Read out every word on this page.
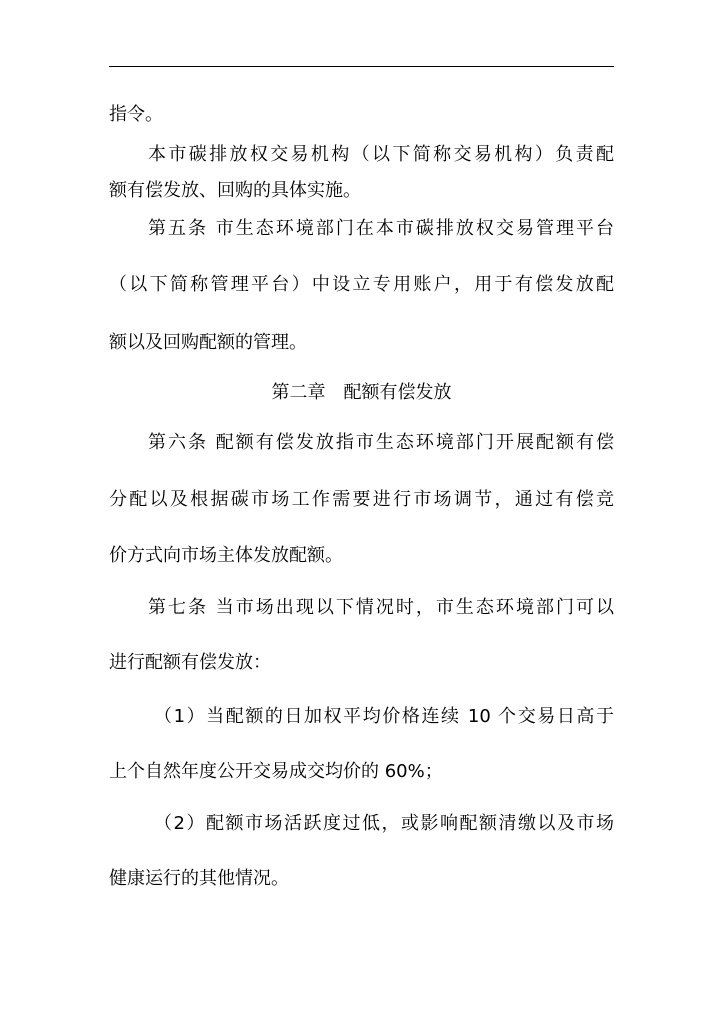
指令。
本市碳排放权交易机构（以下简称交易机构）负责配
额有偿发放、回购的具体实施。
第五条 市生态环境部门在本市碳排放权交易管理平台
（以下简称管理平台）中设立专用账户，用于有偿发放配
额以及回购配额的管理。
第二章　配额有偿发放
第六条 配额有偿发放指市生态环境部门开展配额有偿
分配以及根据碳市场工作需要进行市场调节，通过有偿竞
价方式向市场主体发放配额。
第七条 当市场出现以下情况时，市生态环境部门可以
进行配额有偿发放：
（1）当配额的日加权平均价格连续 10 个交易日高于
上个自然年度公开交易成交均价的 60%；
（2）配额市场活跃度过低，或影响配额清缴以及市场
健康运行的其他情况。
